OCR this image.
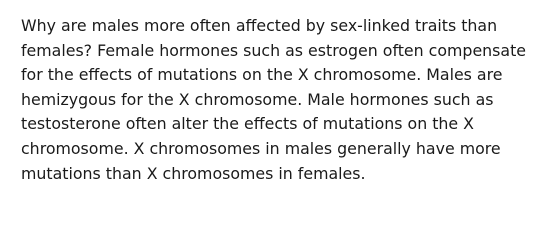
Why are males more often affected by sex-linked traits than
females? Female hormones such as estrogen often compensate
for the effects of mutations on the X chromosome. Males are
hemizygous for the X chromosome. Male hormones such as
testosterone often alter the effects of mutations on the X
chromosome. X chromosomes in males generally have more
mutations than X chromosomes in females.
